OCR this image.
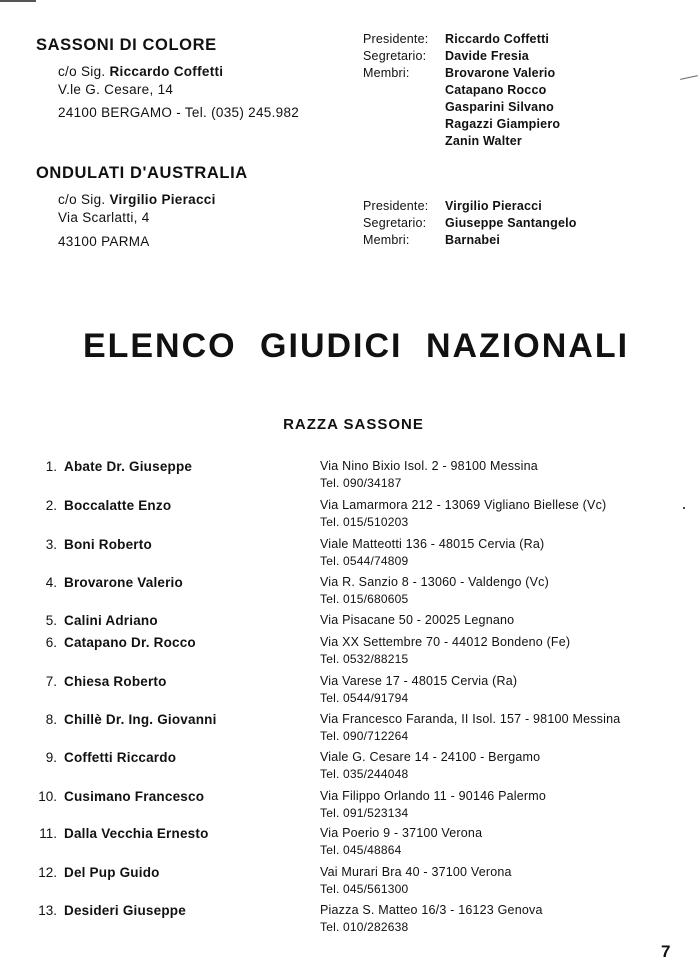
SASSONI DI COLORE
c/o Sig. Riccardo Coffetti
V.le G. Cesare, 14
24100 BERGAMO - Tel. (035) 245.982
Presidente:	Riccardo Coffetti
Segretario:	Davide Fresia
Membri:	Brovarone Valerio
Catapano Rocco
Gasparini Silvano
Ragazzi Giampiero
Zanin Walter
ONDULATI D'AUSTRALIA
c/o Sig. Virgilio Pieracci
Via Scarlatti, 4
43100 PARMA
Presidente:	Virgilio Pieracci
Segretario:	Giuseppe Santangelo
Membri:	Barnabei
ELENCO GIUDICI NAZIONALI
RAZZA SASSONE
1. Abate Dr. Giuseppe	Via Nino Bixio Isol. 2 - 98100 Messina
Tel. 090/34187
2. Boccalatte Enzo	Via Lamarmora 212 - 13069 Vigliano Biellese (Vc)
Tel. 015/510203
3. Boni Roberto	Viale Matteotti 136 - 48015 Cervia (Ra)
Tel. 0544/74809
4. Brovarone Valerio	Via R. Sanzio 8 - 13060 - Valdengo (Vc)
Tel. 015/680605
5. Calini Adriano	Via Pisacane 50 - 20025 Legnano
6. Catapano Dr. Rocco	Via XX Settembre 70 - 44012 Bondeno (Fe)
Tel. 0532/88215
7. Chiesa Roberto	Via Varese 17 - 48015 Cervia (Ra)
Tel. 0544/91794
8. Chillè Dr. Ing. Giovanni	Via Francesco Faranda, II Isol. 157 - 98100 Messina
Tel. 090/712264
9. Coffetti Riccardo	Viale G. Cesare 14 - 24100 - Bergamo
Tel. 035/244048
10. Cusimano Francesco	Via Filippo Orlando 11 - 90146 Palermo
Tel. 091/523134
11. Dalla Vecchia Ernesto	Via Poerio 9 - 37100 Verona
Tel. 045/48864
12. Del Pup Guido	Vai Murari Bra 40 - 37100 Verona
Tel. 045/561300
13. Desideri Giuseppe	Piazza S. Matteo 16/3 - 16123 Genova
Tel. 010/282638
7
